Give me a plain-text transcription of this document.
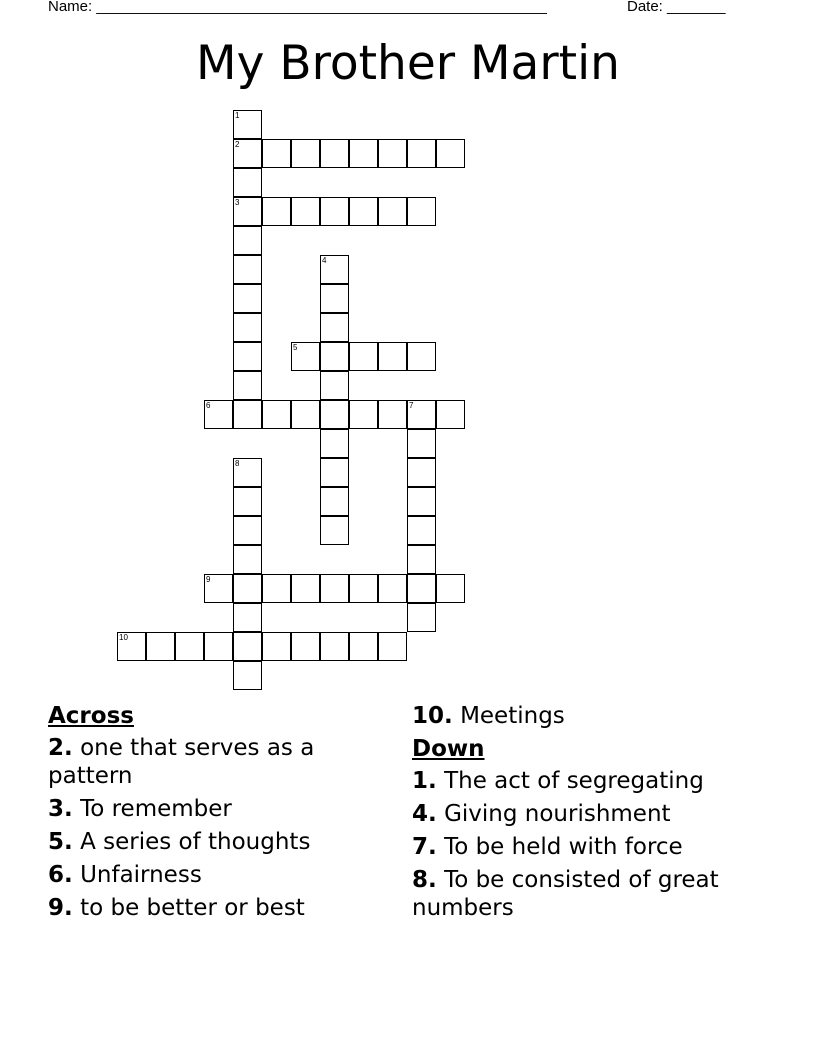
Name: ______________________________________________________	Date: _______
My Brother Martin
1
2
3
4
5
6	7
8
9
10
Across
2. one that serves as a pattern
3. To remember
5. A series of thoughts
6. Unfairness
9. to be better or best
10. Meetings
Down
1. The act of segregating
4. Giving nourishment
7. To be held with force
8. To be consisted of great numbers
